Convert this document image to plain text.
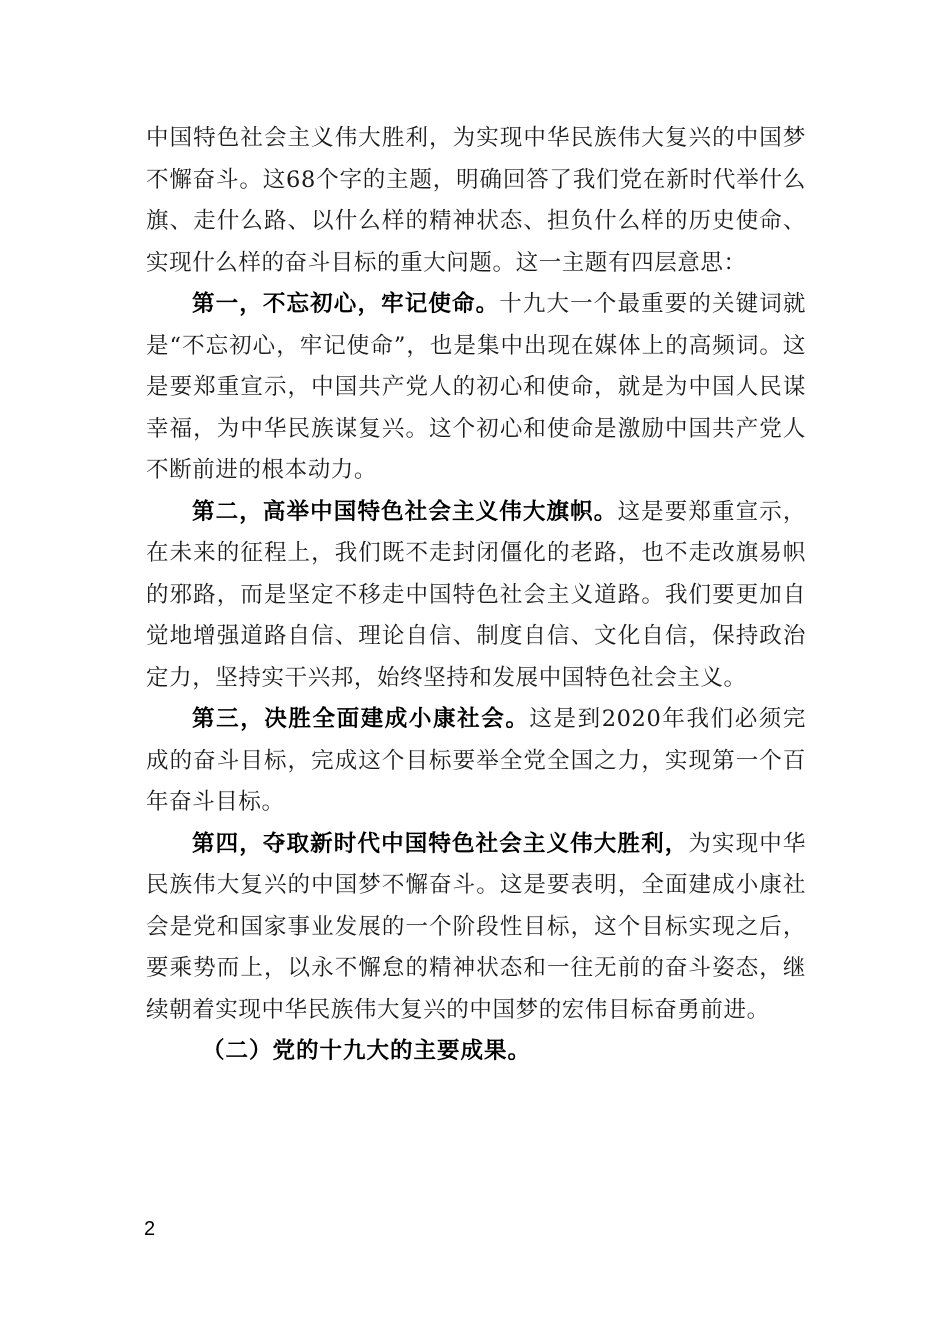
中国特色社会主义伟大胜利，为实现中华民族伟大复兴的中国梦不懈奋斗。这68个字的主题，明确回答了我们党在新时代举什么旗、走什么路、以什么样的精神状态、担负什么样的历史使命、实现什么样的奋斗目标的重大问题。这一主题有四层意思：

第一，不忘初心，牢记使命。十九大一个最重要的关键词就是“不忘初心，牢记使命”，也是集中出现在媒体上的高频词。这是要郑重宣示，中国共产党人的初心和使命，就是为中国人民谋幸福，为中华民族谋复兴。这个初心和使命是激励中国共产党人不断前进的根本动力。

第二，高举中国特色社会主义伟大旗帜。这是要郑重宣示，在未来的征程上，我们既不走封闭僵化的老路，也不走改旗易帜的邪路，而是坚定不移走中国特色社会主义道路。我们要更加自觉地增强道路自信、理论自信、制度自信、文化自信，保持政治定力，坚持实干兴邦，始终坚持和发展中国特色社会主义。

第三，决胜全面建成小康社会。这是到2020年我们必须完成的奋斗目标，完成这个目标要举全党全国之力，实现第一个百年奋斗目标。

第四，夺取新时代中国特色社会主义伟大胜利，为实现中华民族伟大复兴的中国梦不懈奋斗。这是要表明，全面建成小康社会是党和国家事业发展的一个阶段性目标，这个目标实现之后，要乘势而上，以永不懈怠的精神状态和一往无前的奋斗姿态，继续朝着实现中华民族伟大复兴的中国梦的宏伟目标奋勇前进。

（二）党的十九大的主要成果。

2
